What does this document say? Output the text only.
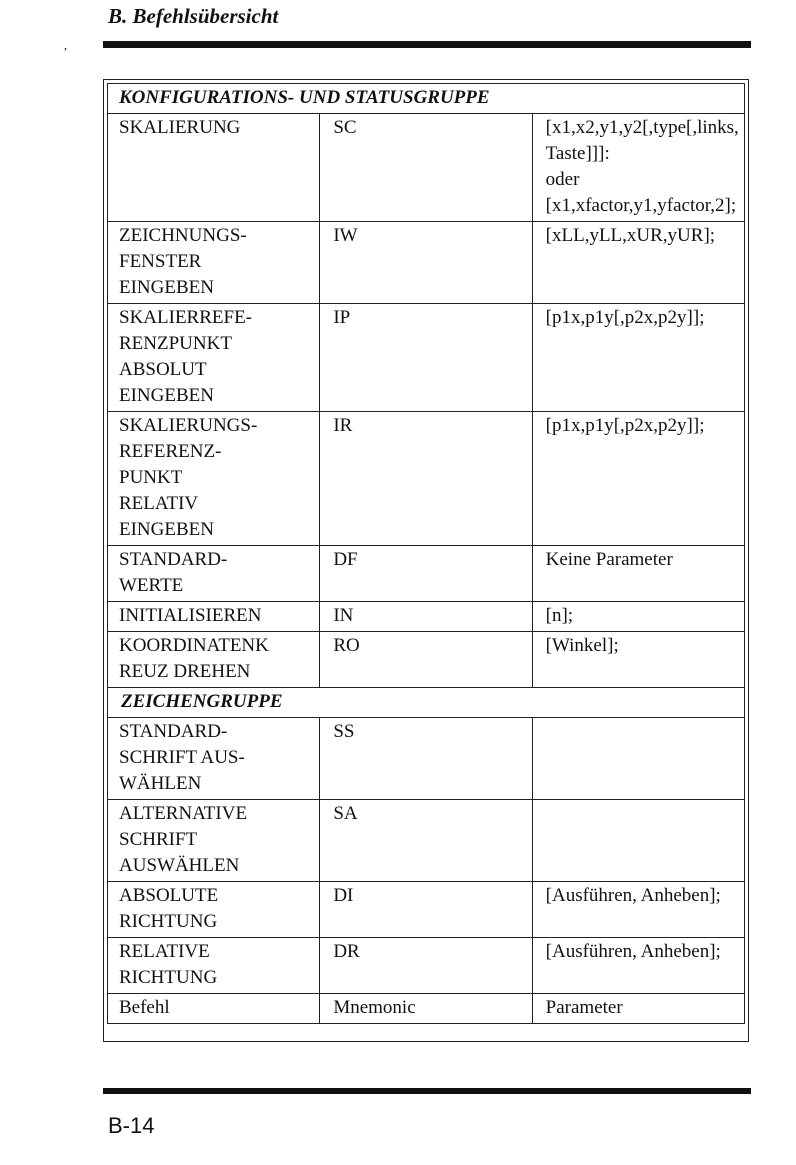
B. Befehlsübersicht
,
KONFIGURATIONS- UND STATUSGRUPPE		

SKALIERUNG	SC	[x1,x2,y1,y2[,type[,links,
Taste]]]:
oder
[x1,xfactor,y1,yfactor,2];

ZEICHNUNGS-
FENSTER
EINGEBEN	IW	[xLL,yLL,xUR,yUR];

SKALIERREFE-
RENZPUNKT
ABSOLUT
EINGEBEN	IP	[p1x,p1y[,p2x,p2y]];

SKALIERUNGS-
REFERENZ-
PUNKT
RELATIV
EINGEBEN	IR	[p1x,p1y[,p2x,p2y]];

STANDARD-
WERTE	DF	Keine Parameter

INITIALISIEREN	IN	[n];

KOORDINATENK
REUZ DREHEN	RO	[Winkel];

ZEICHENGRUPPE		

STANDARD-
SCHRIFT AUS-
WÄHLEN	SS	

ALTERNATIVE
SCHRIFT
AUSWÄHLEN	SA	

ABSOLUTE
RICHTUNG	DI	[Ausführen, Anheben];

RELATIVE
RICHTUNG	DR	[Ausführen, Anheben];

Befehl	Mnemonic	Parameter
B-14
